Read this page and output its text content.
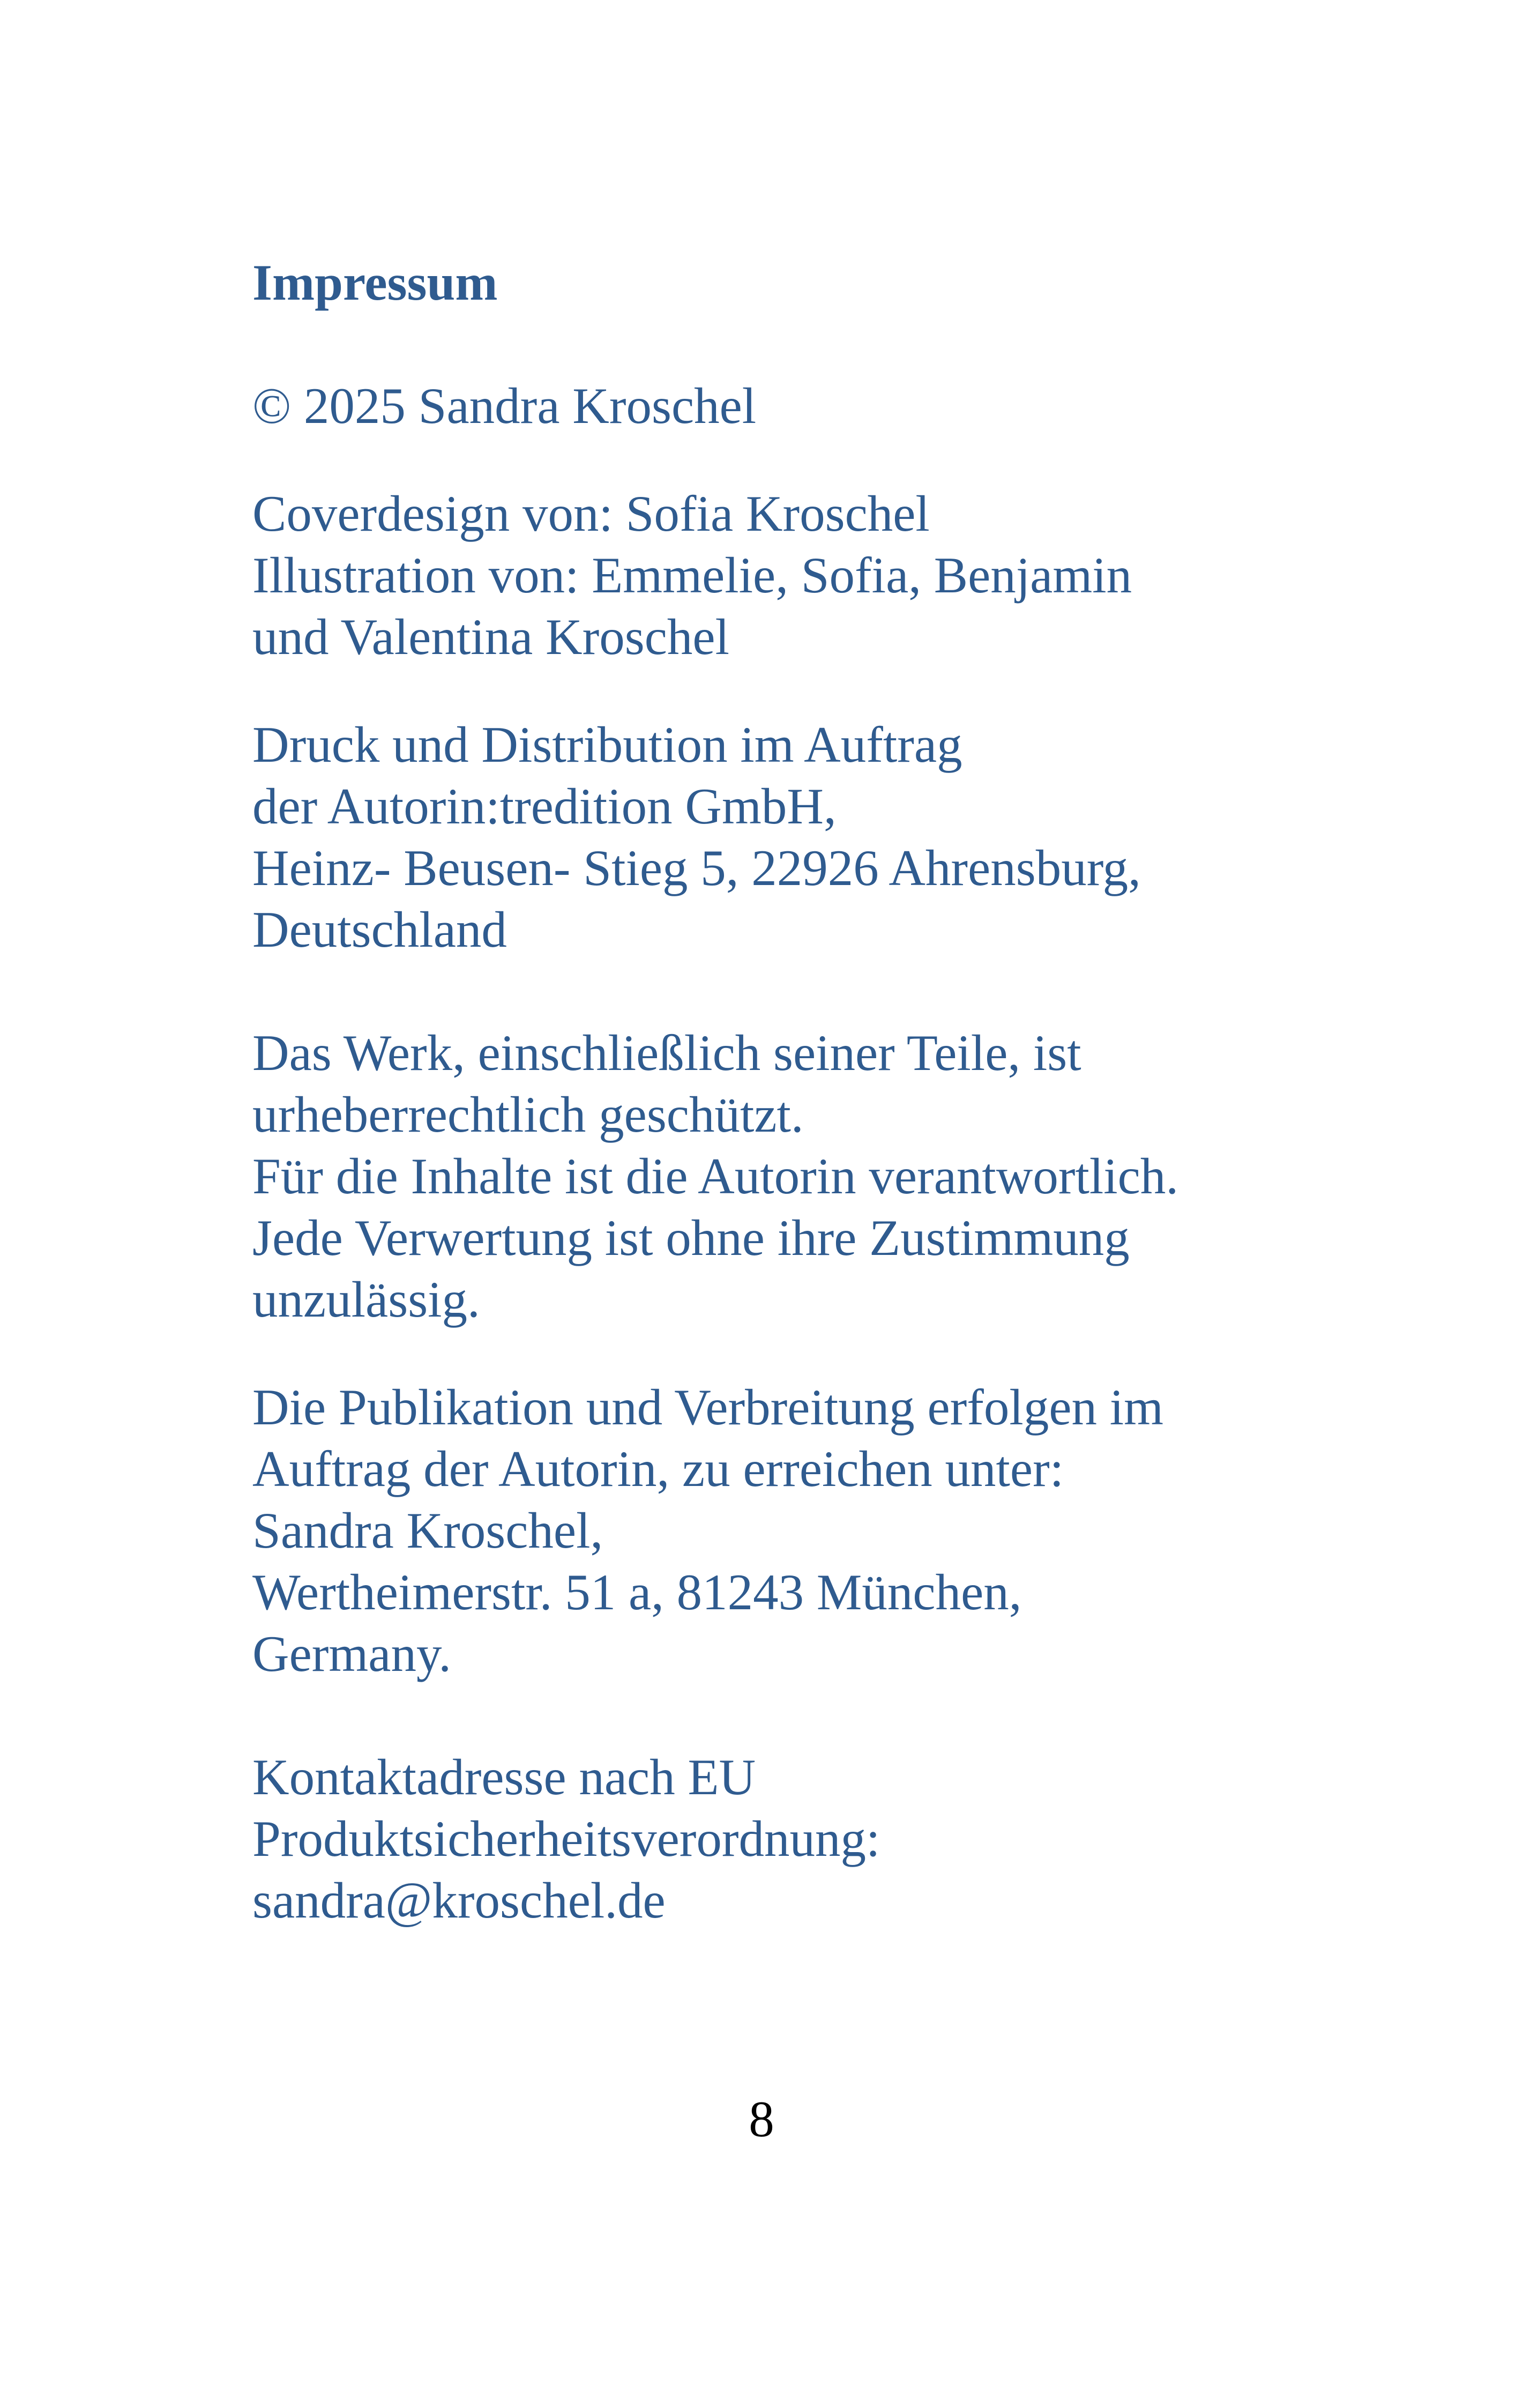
Impressum
© 2025 Sandra Kroschel
Coverdesign von: Sofia Kroschel
Illustration von: Emmelie, Sofia, Benjamin
und Valentina Kroschel
Druck und Distribution im Auftrag
der Autorin:tredition GmbH,
Heinz- Beusen- Stieg 5, 22926 Ahrensburg,
Deutschland
Das Werk, einschließlich seiner Teile, ist
urheberrechtlich geschützt.
Für die Inhalte ist die Autorin verantwortlich.
Jede Verwertung ist ohne ihre Zustimmung
unzulässig.
Die Publikation und Verbreitung erfolgen im
Auftrag der Autorin, zu erreichen unter:
Sandra Kroschel,
Wertheimerstr. 51 a, 81243 München,
Germany.
Kontaktadresse nach EU
Produktsicherheitsverordnung:
sandra@kroschel.de
8
